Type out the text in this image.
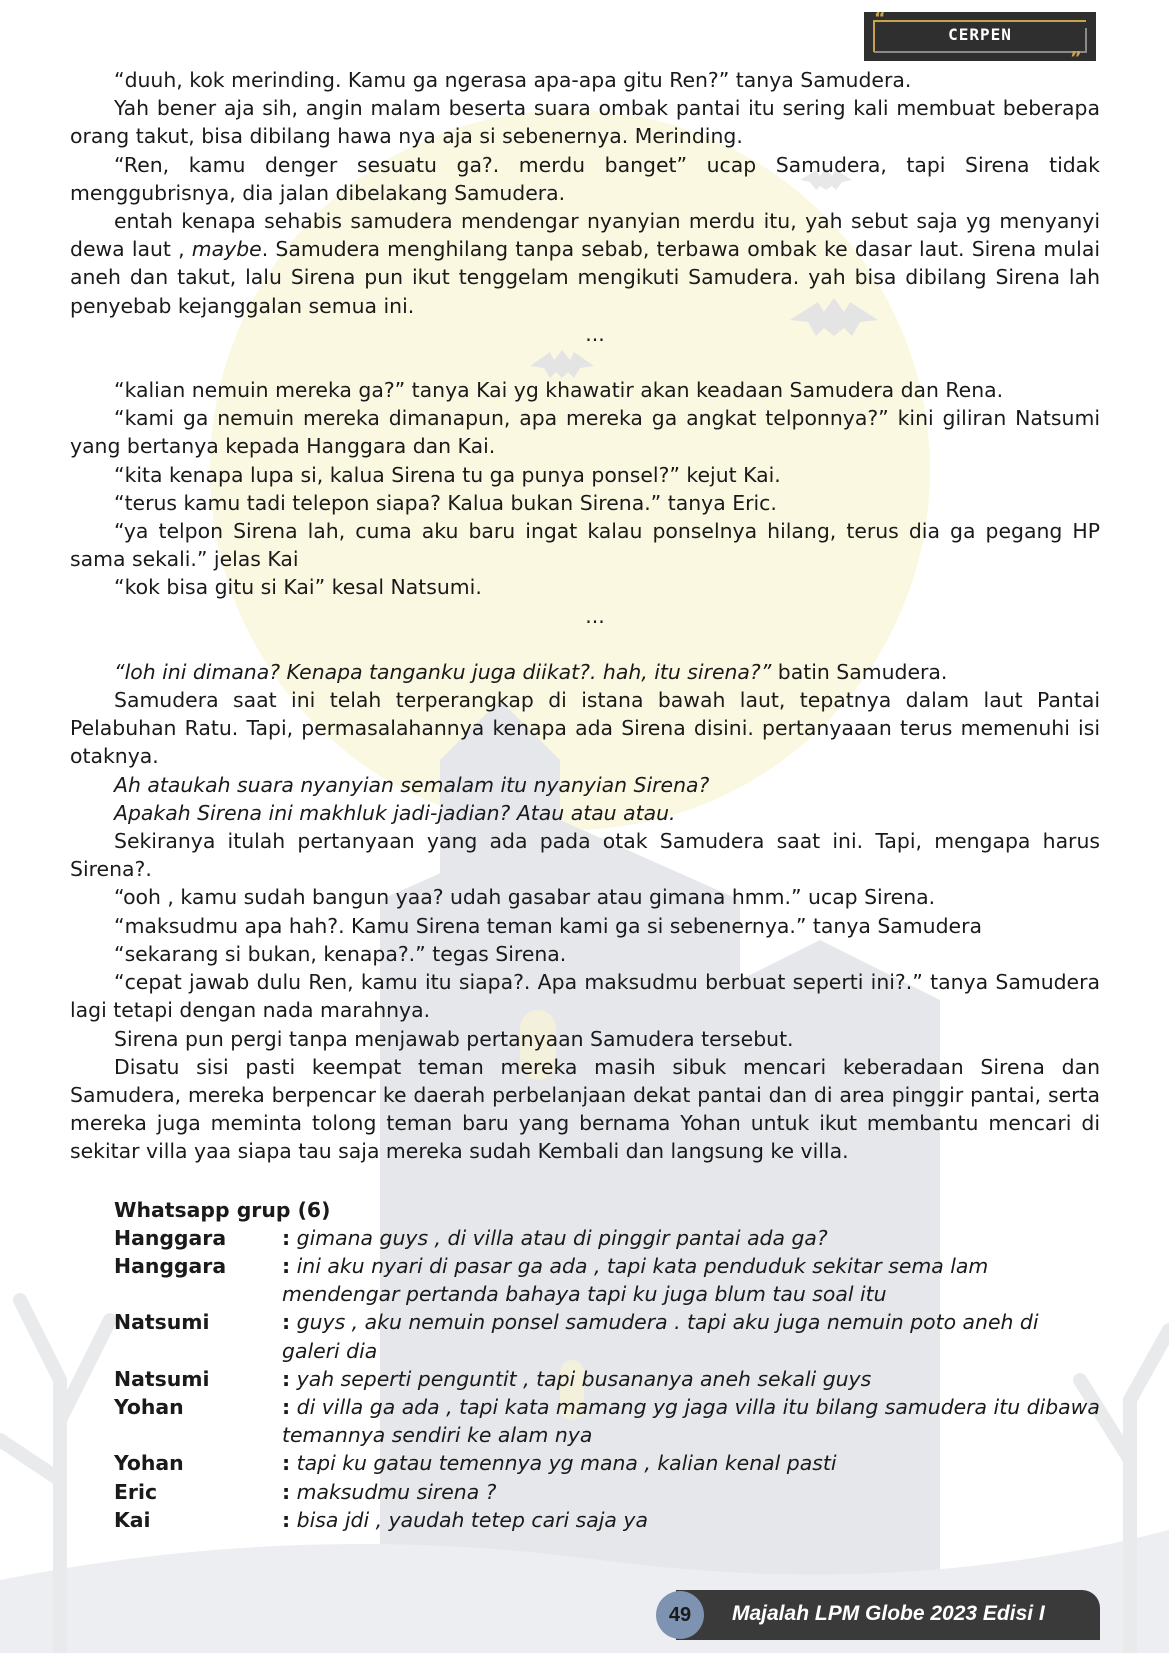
“
”
CERPEN

“duuh, kok merinding. Kamu ga ngerasa apa-apa gitu Ren?” tanya Samudera.

Yah bener aja sih, angin malam beserta suara ombak pantai itu sering kali membuat beberapa orang takut, bisa dibilang hawa nya aja si sebenernya. Merinding.

“Ren, kamu denger sesuatu ga?. merdu banget” ucap Samudera, tapi Sirena tidak menggubrisnya, dia jalan dibelakang Samudera.

entah kenapa sehabis samudera mendengar nyanyian merdu itu, yah sebut saja yg menyanyi dewa laut , maybe. Samudera menghilang tanpa sebab, terbawa ombak ke dasar laut. Sirena mulai aneh dan takut, lalu Sirena pun ikut tenggelam mengikuti Samudera. yah bisa dibilang Sirena lah penyebab kejanggalan semua ini.

...

“kalian nemuin mereka ga?” tanya Kai yg khawatir akan keadaan Samudera dan Rena.

“kami ga nemuin mereka dimanapun, apa mereka ga angkat telponnya?” kini giliran Natsumi yang bertanya kepada Hanggara dan Kai.

“kita kenapa lupa si, kalua Sirena tu ga punya ponsel?” kejut Kai.

“terus kamu tadi telepon siapa? Kalua bukan Sirena.” tanya Eric.

“ya telpon Sirena lah, cuma aku baru ingat kalau ponselnya hilang, terus dia ga pegang HP sama sekali.” jelas Kai

“kok bisa gitu si Kai” kesal Natsumi.

...

“loh ini dimana? Kenapa tanganku juga diikat?. hah, itu sirena?” batin Samudera.

Samudera saat ini telah terperangkap di istana bawah laut, tepatnya dalam laut Pantai Pelabuhan Ratu. Tapi, permasalahannya kenapa ada Sirena disini. pertanyaaan terus memenuhi isi otaknya.

Ah ataukah suara nyanyian semalam itu nyanyian Sirena?

Apakah Sirena ini makhluk jadi-jadian? Atau atau atau.

Sekiranya itulah pertanyaan yang ada pada otak Samudera saat ini. Tapi, mengapa harus Sirena?.

“ooh , kamu sudah bangun yaa? udah gasabar atau gimana hmm.” ucap Sirena.

“maksudmu apa hah?. Kamu Sirena teman kami ga si sebenernya.” tanya Samudera

“sekarang si bukan, kenapa?.” tegas Sirena.

“cepat jawab dulu Ren, kamu itu siapa?. Apa maksudmu berbuat seperti ini?.” tanya Samudera lagi tetapi dengan nada marahnya.

Sirena pun pergi tanpa menjawab pertanyaan Samudera tersebut.

Disatu sisi pasti keempat teman mereka masih sibuk mencari keberadaan Sirena dan Samudera, mereka berpencar ke daerah perbelanjaan dekat pantai dan di area pinggir pantai, serta mereka juga meminta tolong teman baru yang bernama Yohan untuk ikut membantu mencari di sekitar villa yaa siapa tau saja mereka sudah Kembali dan langsung ke villa.

Whatsapp grup (6)
Hanggara	: gimana guys , di villa atau di pinggir pantai ada ga?
Hanggara	: ini aku nyari di pasar ga ada , tapi kata penduduk sekitar sema lam mendengar pertanda bahaya tapi ku juga blum tau soal itu
Natsumi	: guys , aku nemuin ponsel samudera . tapi aku juga nemuin poto aneh di galeri dia
Natsumi	: yah seperti penguntit , tapi busananya aneh sekali guys
Yohan	: di villa ga ada , tapi kata mamang yg jaga villa itu bilang samudera itu dibawa temannya sendiri ke alam nya
Yohan	: tapi ku gatau temennya yg mana , kalian kenal pasti
Eric	: maksudmu sirena ?
Kai	: bisa jdi , yaudah tetep cari saja ya
49	Majalah LPM Globe 2023 Edisi I
